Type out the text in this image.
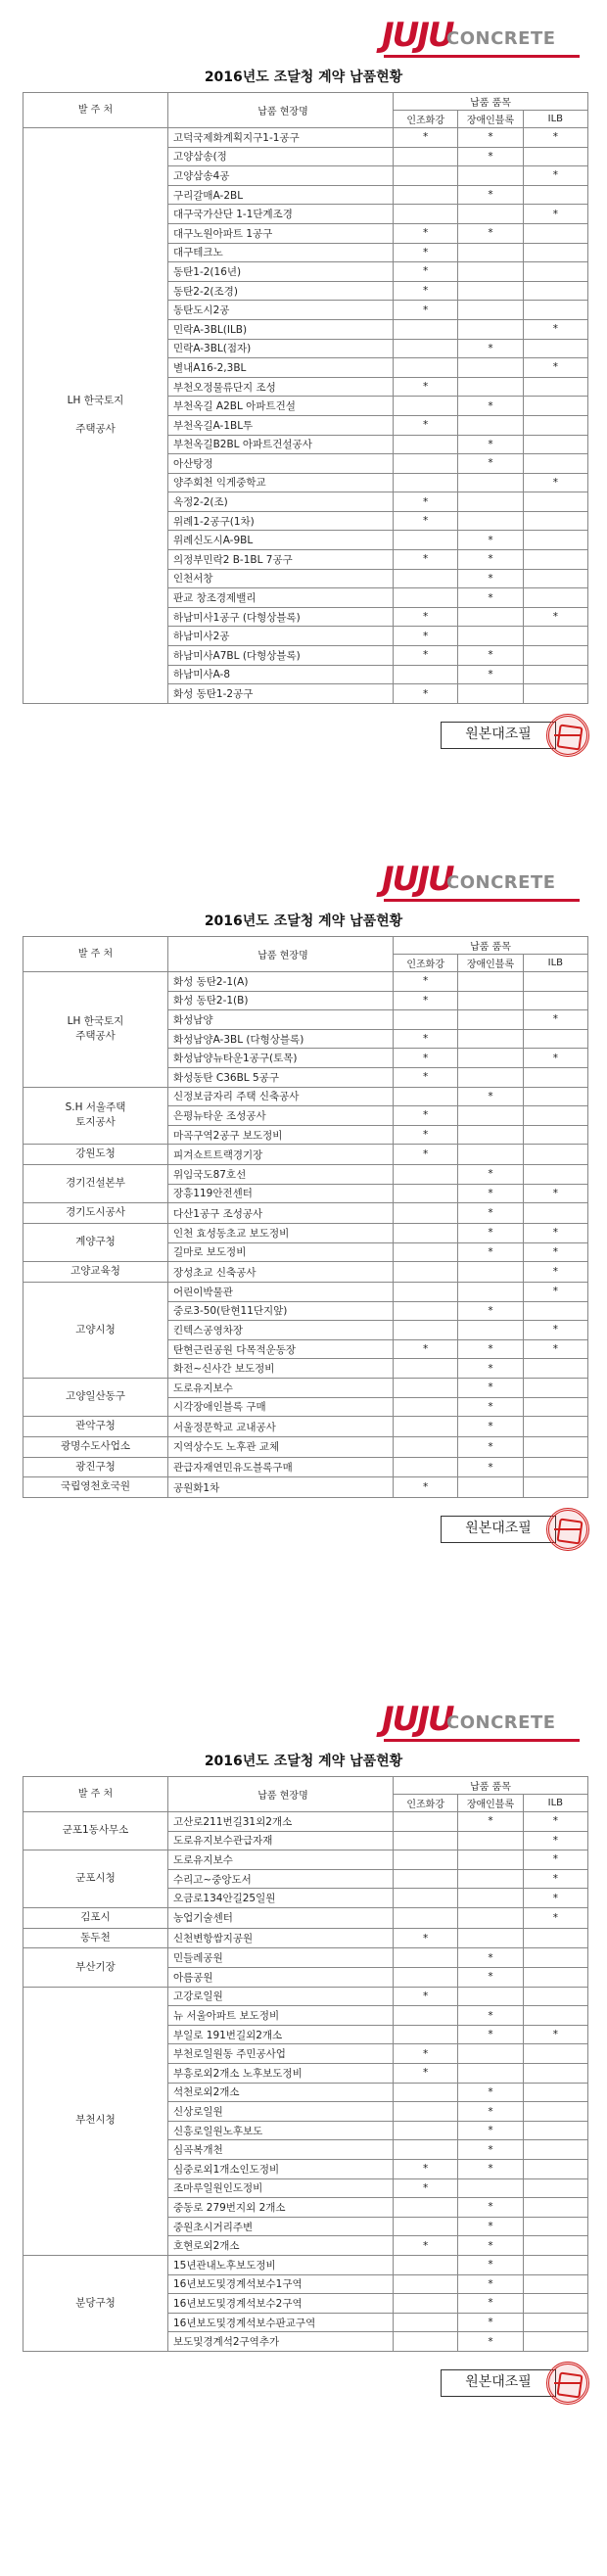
JUJU
CONCRETE
2016년도 조달청 계약 납품현황
발 주 처	납품 현장명	납품 품목		
		인조화강	장애인블록	ILB

LH 한국토지
주택공사	고덕국제화계획지구1-1공구	*	*	*
	고양삼송(정		*	
	고양삼송4공			*
	구리갈매A-2BL		*	
	대구국가산단 1-1단계조경			*
	대구노원아파트 1공구	*	*	
	대구테크노	*		
	동탄1-2(16년)	*		
	동탄2-2(조경)	*		
	동탄도시2공	*		
	민락A-3BL(ILB)			*
	민락A-3BL(점자)		*	
	별내A16-2,3BL			*
	부천오정물류단지 조성	*		
	부천옥길 A2BL 아파트건설		*	
	부천옥길A-1BL투	*		
	부천옥길B2BL 아파트건설공사		*	
	아산탕정		*	
	양주회천 익게중학교			*
	옥정2-2(조)	*		
	위례1-2공구(1차)	*		
	위례신도시A-9BL		*	
	의정부민락2 B-1BL 7공구	*	*	
	인천서창		*	
	판교 창조경제밸리		*	
	하남미사1공구 (다형상블록)	*		*
	하남미사2공	*		
	하남미사A7BL (다형상블록)	*	*	
	하남미사A-8		*	
	화성 동탄1-2공구	*		
원본대조필
JUJU
CONCRETE
2016년도 조달청 계약 납품현황
발 주 처	납품 현장명	납품 품목		
		인조화강	장애인블록	ILB

LH 한국토지
주택공사	화성 동탄2-1(A)	*		
	화성 동탄2-1(B)	*		
	화성남양			*
	화성남양A-3BL (다형상블록)	*		
	화성남양뉴타운1공구(토목)	*		*
	화성동탄 C36BL 5공구	*		

S.H 서울주택
토지공사	신정보금자리 주택 신축공사		*	
	은평뉴타운 조성공사	*		
	마곡구역2공구 보도정비	*		

강원도청	피겨쇼트트랙경기장	*		

경기건설본부	위임국도87호선		*	
	장흥119안전센터		*	*

경기도시공사	다산1공구 조성공사		*	

계양구청	인천 효성동초교 보도정비		*	*
	길마로 보도정비		*	*

고양교육청	장성초교 신축공사			*

고양시청	어린이박물관			*
	중로3-50(탄현11단지앞)		*	
	킨텍스공영차장			*
	탄현근린공원 다목적운동장	*	*	*
	화전~신사간 보도정비		*	

고양일산동구	도로유지보수		*	
	시각장애인블록 구매		*	

관악구청	서울정문학교 교내공사		*	

광명수도사업소	지역상수도 노후관 교체		*	

광진구청	관급자재연민유도블록구매		*	

국립영천호국원	공원화1차	*		
원본대조필
JUJU
CONCRETE
2016년도 조달청 계약 납품현황
발 주 처	납품 현장명	납품 품목		
		인조화강	장애인블록	ILB

군포1동사무소	고산로211번길31외2개소		*	*
	도로유지보수관급자재			*

군포시청	도로유지보수			*
	수리고~중앙도서			*
	오금로134안길25일원			*

김포시	농업기술센터			*

동두천	신천변항쌈지공원	*		

부산기장	민들레공원		*	
	아름공원		*	

부천시청	고강로일원	*		
	뉴 서울아파트 보도정비		*	
	부일로 191번길외2개소		*	*
	부천로일원동 주민공사업	*		
	부흥로외2개소 노후보도정비	*		
	석천로외2개소		*	
	신상로일원		*	
	신흥로일원노후보도		*	
	심곡복개천		*	
	심중로외1개소인도정비	*	*	
	조마루일원인도정비	*		
	중동로 279번지외 2개소		*	
	중원초시거리주변		*	
	호현로외2개소	*	*	

분당구청	15년관내노후보도정비		*	
	16년보도및경계석보수1구역		*	
	16년보도및경계석보수2구역		*	
	16년보도및경계석보수판교구역		*	
	보도및경계석2구역추가		*	
원본대조필
